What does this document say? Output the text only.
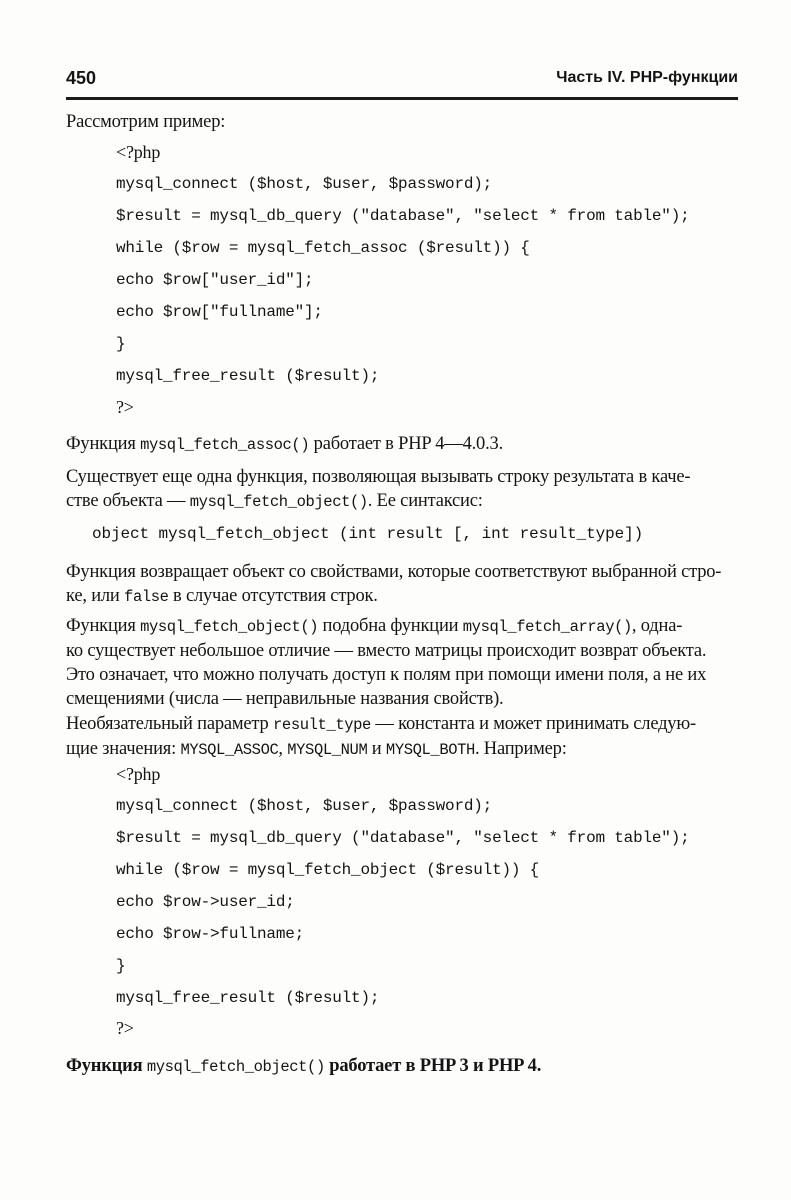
450	Часть IV. PHP-функции
Рассмотрим пример:
<?php
mysql_connect ($host, $user, $password);
$result = mysql_db_query ("database", "select * from table");
while ($row = mysql_fetch_assoc ($result)) {
echo $row["user_id"];
echo $row["fullname"];
}
mysql_free_result ($result);
?>
Функция mysql_fetch_assoc() работает в PHP 4—4.0.3.
Существует еще одна функция, позволяющая вызывать строку результата в каче-
стве объекта — mysql_fetch_object(). Ее синтаксис:
object mysql_fetch_object (int result [, int result_type])
Функция возвращает объект со свойствами, которые соответствуют выбранной стро-
ке, или false в случае отсутствия строк.
Функция mysql_fetch_object() подобна функции mysql_fetch_array(), одна-
ко существует небольшое отличие — вместо матрицы происходит возврат объекта.
Это означает, что можно получать доступ к полям при помощи имени поля, а не их
смещениями (числа — неправильные названия свойств).
Необязательный параметр result_type — константа и может принимать следую-
щие значения: MYSQL_ASSOC, MYSQL_NUM и MYSQL_BOTH. Например:
<?php
mysql_connect ($host, $user, $password);
$result = mysql_db_query ("database", "select * from table");
while ($row = mysql_fetch_object ($result)) {
echo $row->user_id;
echo $row->fullname;
}
mysql_free_result ($result);
?>
Функция mysql_fetch_object() работает в PHP 3 и PHP 4.
